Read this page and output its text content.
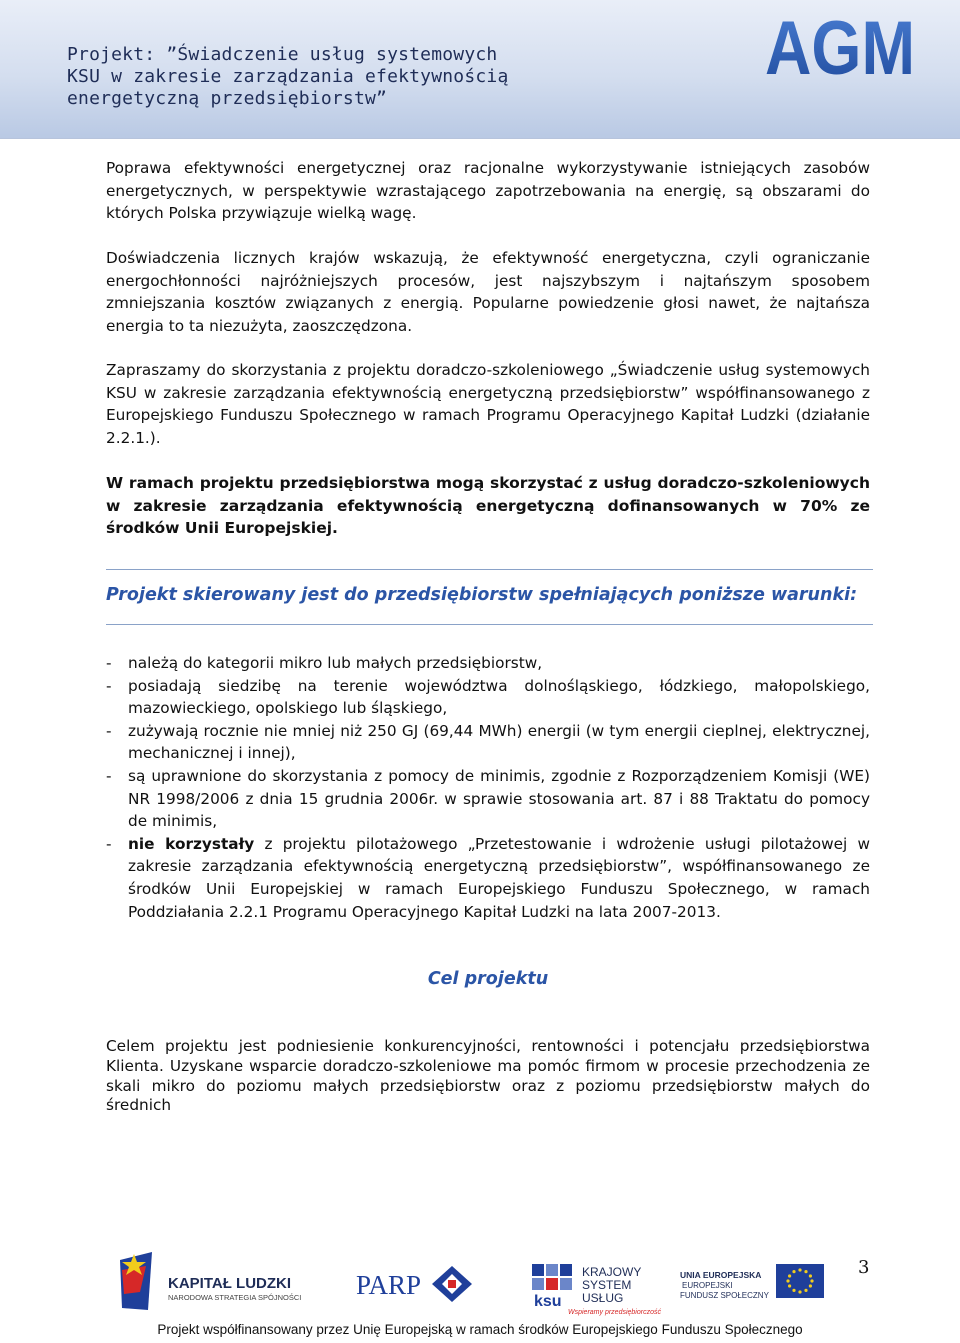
Projekt: ”Świadczenie usług systemowych
KSU w zakresie zarządzania efektywnością
energetyczną przedsiębiorstw”
AGM

Poprawa efektywności energetycznej oraz racjonalne wykorzystywanie istniejących zasobów energetycznych, w perspektywie wzrastającego zapotrzebowania na energię, są obszarami do których Polska przywiązuje wielką wagę.

Doświadczenia licznych krajów wskazują, że efektywność energetyczna, czyli ograniczanie energochłonności najróżniejszych procesów, jest najszybszym i najtańszym sposobem zmniejszania kosztów związanych z energią. Popularne powiedzenie głosi nawet, że najtańsza energia to ta niezużyta, zaoszczędzona.

Zapraszamy do skorzystania z projektu doradczo-szkoleniowego „Świadczenie usług systemowych KSU w zakresie zarządzania efektywnością energetyczną przedsiębiorstw” współfinansowanego z Europejskiego Funduszu Społecznego w ramach Programu Operacyjnego Kapitał Ludzki (działanie 2.2.1.).

W ramach projektu przedsiębiorstwa mogą skorzystać z usług doradczo-szkoleniowych w zakresie zarządzania efektywnością energetyczną dofinansowanych w 70% ze środków Unii Europejskiej.

Projekt skierowany jest do przedsiębiorstw spełniających poniższe warunki:
- należą do kategorii mikro lub małych przedsiębiorstw,
- posiadają siedzibę na terenie województwa dolnośląskiego, łódzkiego, małopolskiego, mazowieckiego, opolskiego lub śląskiego,
- zużywają rocznie nie mniej niż 250 GJ (69,44 MWh) energii (w tym energii cieplnej, elektrycznej, mechanicznej i innej),
- są uprawnione do skorzystania z pomocy de minimis, zgodnie z Rozporządzeniem Komisji (WE) NR 1998/2006 z dnia 15 grudnia 2006r. w sprawie stosowania art. 87 i 88 Traktatu do pomocy de minimis,
- nie korzystały z projektu pilotażowego „Przetestowanie i wdrożenie usługi pilotażowej w zakresie zarządzania efektywnością energetyczną przedsiębiorstw”, współfinansowanego ze środków Unii Europejskiej w ramach Europejskiego Funduszu Społecznego, w ramach Poddziałania 2.2.1 Programu Operacyjnego Kapitał Ludzki na lata 2007-2013.
Cel projektu

Celem projektu jest podniesienie konkurencyjności, rentowności i potencjału przedsiębiorstwa Klienta. Uzyskane wsparcie doradczo-szkoleniowe ma pomóc firmom w procesie przechodzenia ze skali mikro do poziomu małych przedsiębiorstw oraz z poziomu przedsiębiorstw małych do średnich

3
KAPITAŁ LUDZKI
NARODOWA STRATEGIA SPÓJNOŚCI PARP
ksu
KRAJOWY
SYSTEM
USŁUG
Wspieramy przedsiębiorczość
UNIA EUROPEJSKA
EUROPEJSKI
FUNDUSZ SPOŁECZNY
Projekt współfinansowany przez Unię Europejską w ramach środków Europejskiego Funduszu Społecznego
